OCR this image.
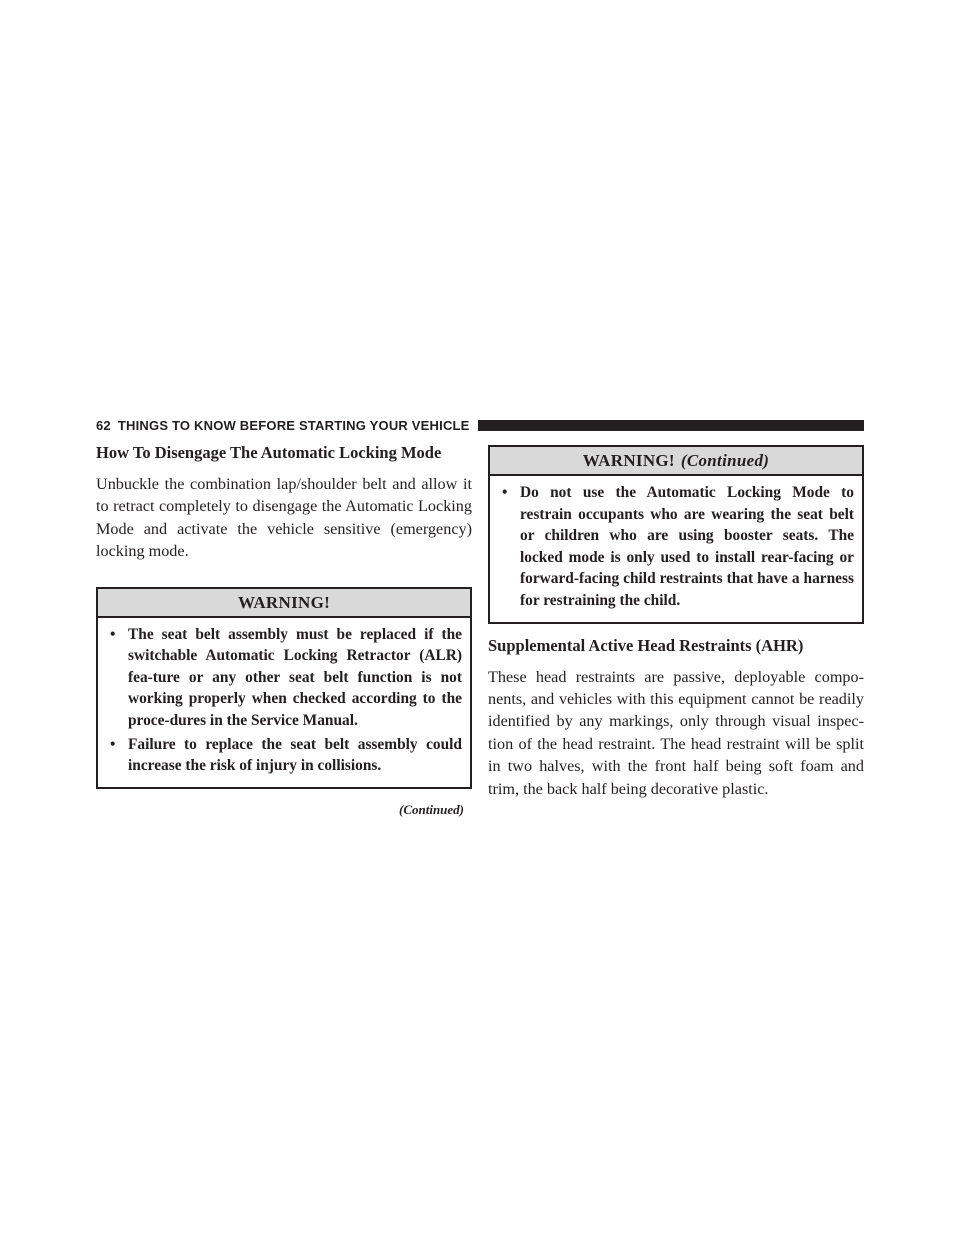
62 THINGS TO KNOW BEFORE STARTING YOUR VEHICLE
How To Disengage The Automatic Locking Mode

Unbuckle the combination lap/shoulder belt and allow it to retract completely to disengage the Automatic Locking Mode and activate the vehicle sensitive (emergency) locking mode.

WARNING!
• The seat belt assembly must be replaced if the switchable Automatic Locking Retractor (ALR) fea-ture or any other seat belt function is not working properly when checked according to the proce-dures in the Service Manual.
• Failure to replace the seat belt assembly could increase the risk of injury in collisions.
(Continued)
WARNING! (Continued)
• Do not use the Automatic Locking Mode to restrain occupants who are wearing the seat belt or children who are using booster seats. The locked mode is only used to install rear-facing or forward-facing child restraints that have a harness for restraining the child.
Supplemental Active Head Restraints (AHR)

These head restraints are passive, deployable compo-nents, and vehicles with this equipment cannot be readily identified by any markings, only through visual inspec-tion of the head restraint. The head restraint will be split in two halves, with the front half being soft foam and trim, the back half being decorative plastic.
